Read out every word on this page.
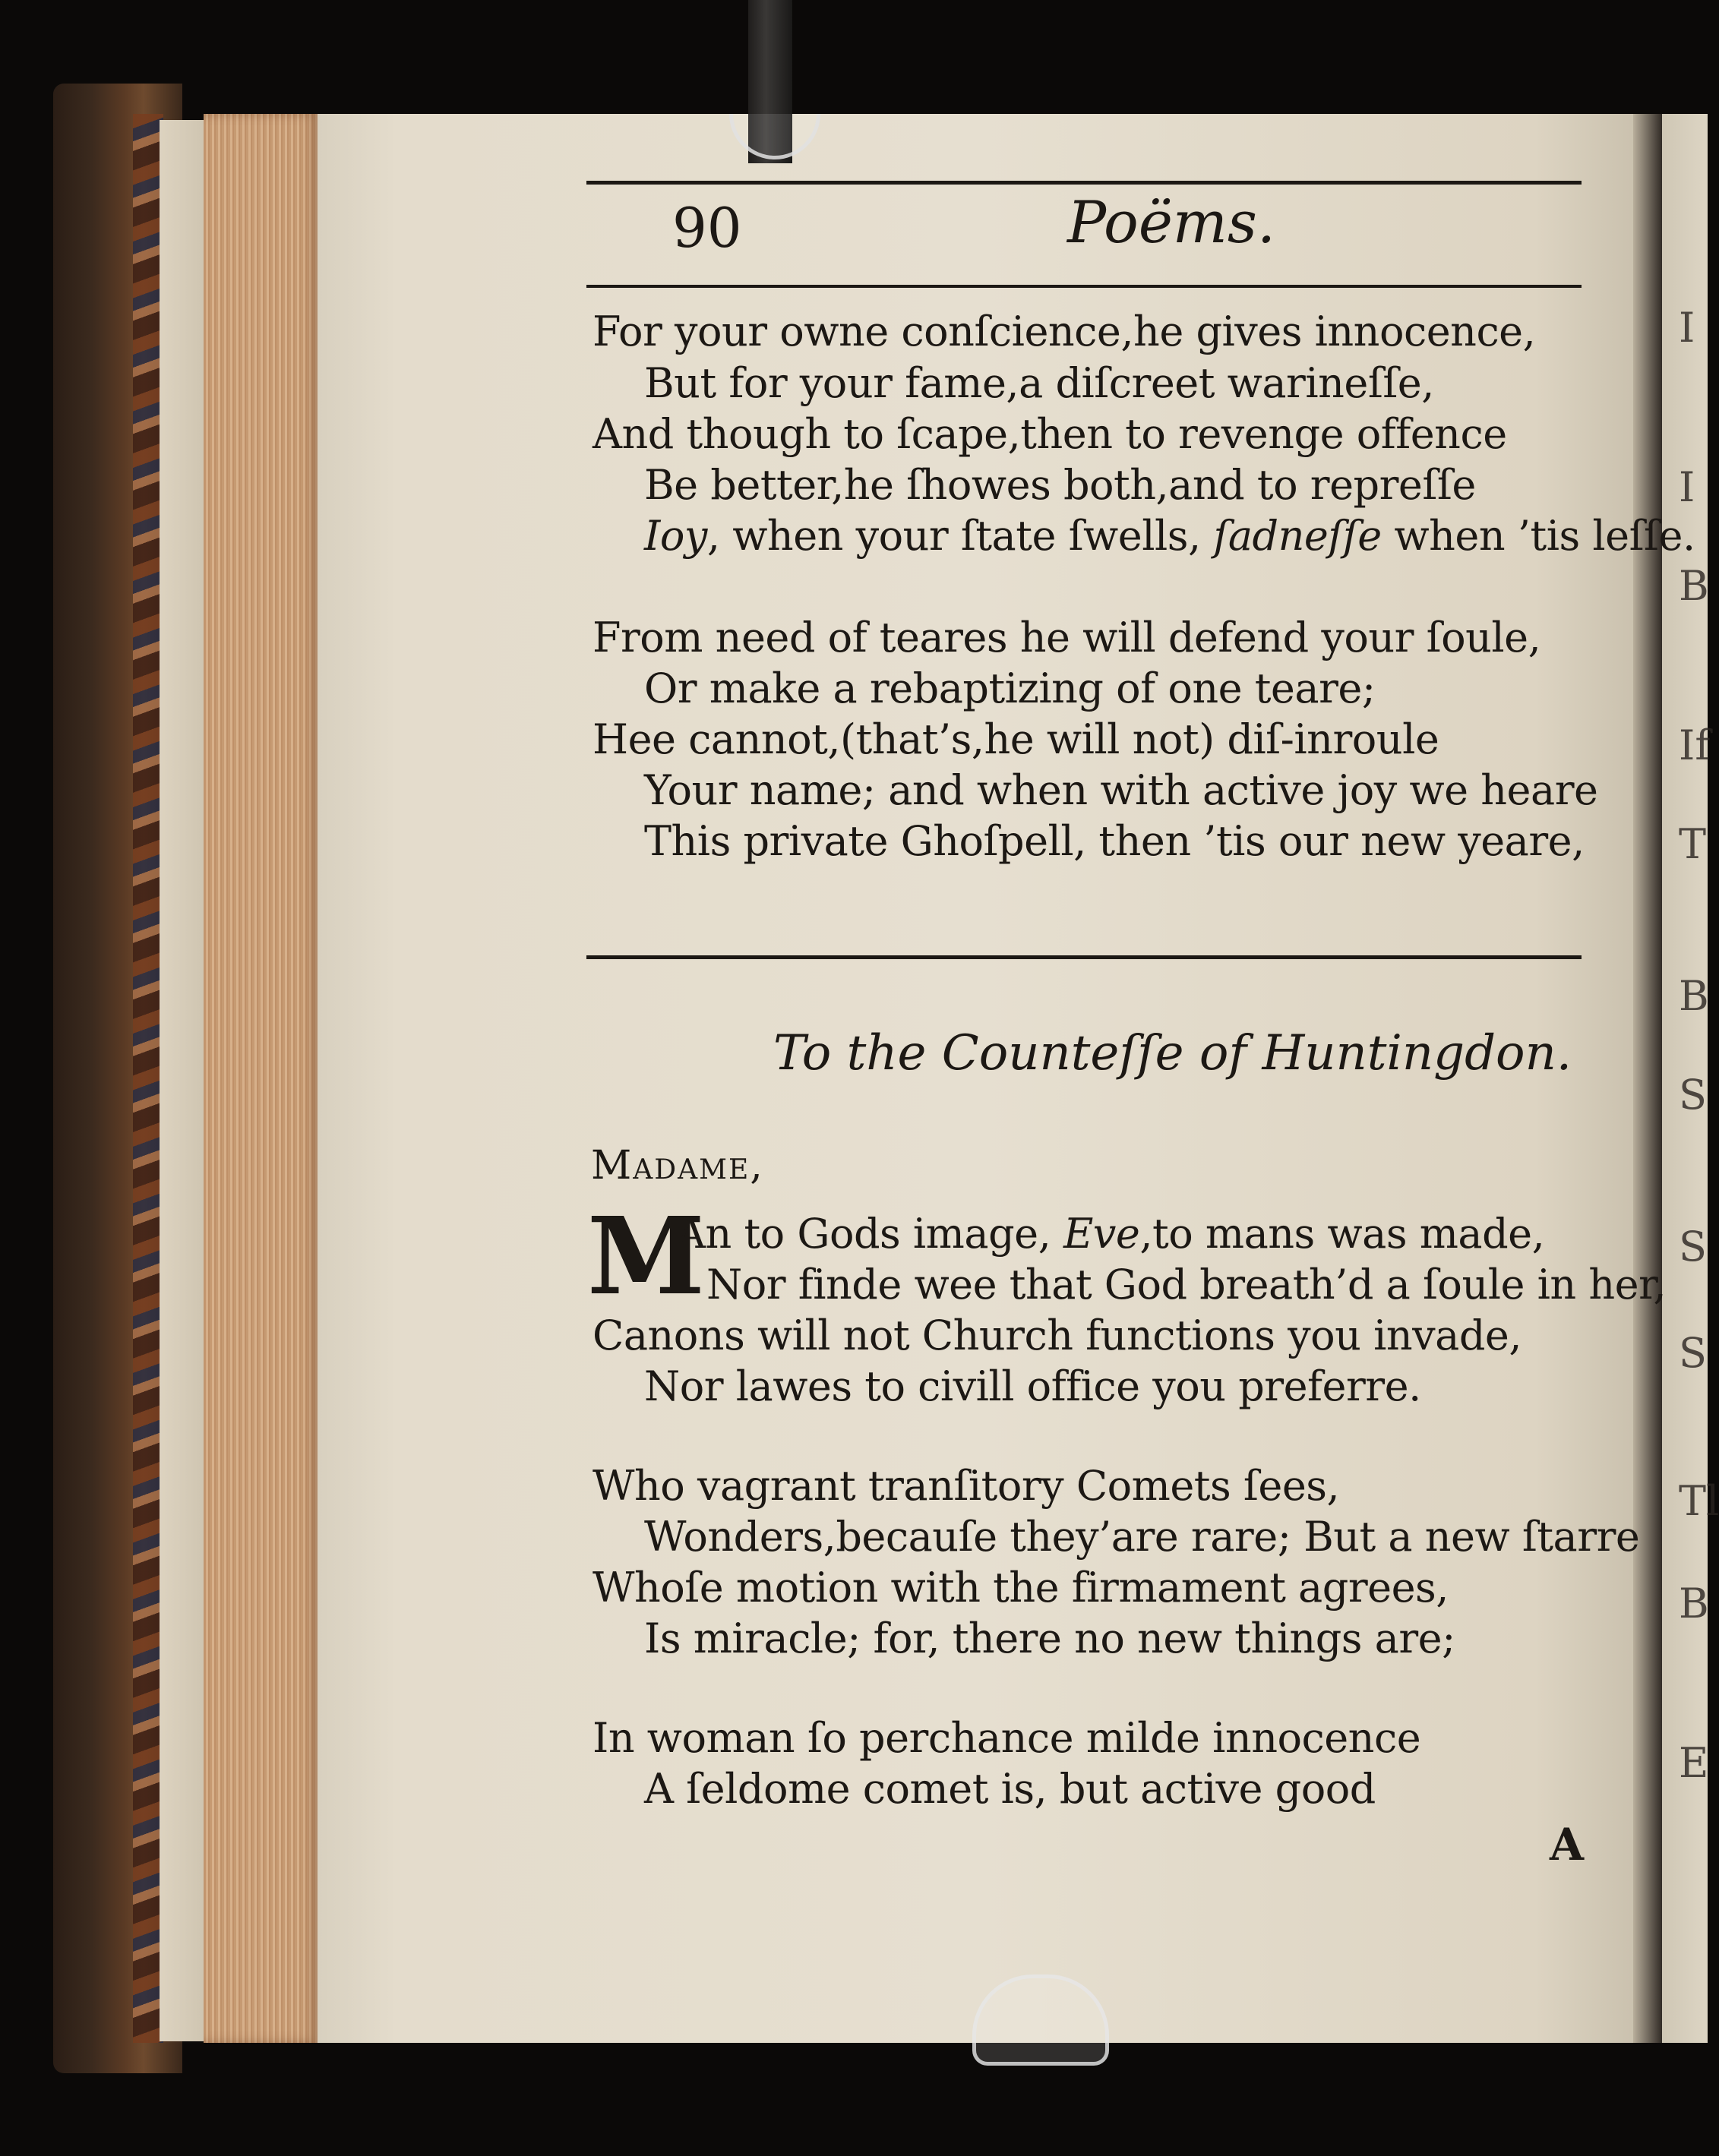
I
I
B
If
T
B
S
S
S
Tl
B
E
90	Poëms.
For your owne conſcience,he gives innocence,
But for your fame,a diſcreet warineſſe,
And though to ſcape,then to revenge offence
Be better,he ſhowes both,and to repreſſe
Ioy, when your ſtate ſwells, ſadneſſe when ’tis leſſe.
From need of teares he will defend your ſoule,
Or make a rebaptizing of one teare;
Hee cannot,(that’s,he will not) diſ-inroule
Your name; and when with active joy we heare
This private Ghoſpell, then ’tis our new yeare,
To the Counteſſe of Huntingdon.
Madame,
M
An to Gods image, Eve,to mans was made,
Nor finde wee that God breath’d a ſoule in her,
Canons will not Church functions you invade,
Nor lawes to civill office you preferre.
Who vagrant tranſitory Comets ſees,
Wonders,becauſe they’are rare; But a new ſtarre
Whoſe motion with the firmament agrees,
Is miracle; for, there no new things are;
In woman ſo perchance milde innocence
A ſeldome comet is, but active good
A
